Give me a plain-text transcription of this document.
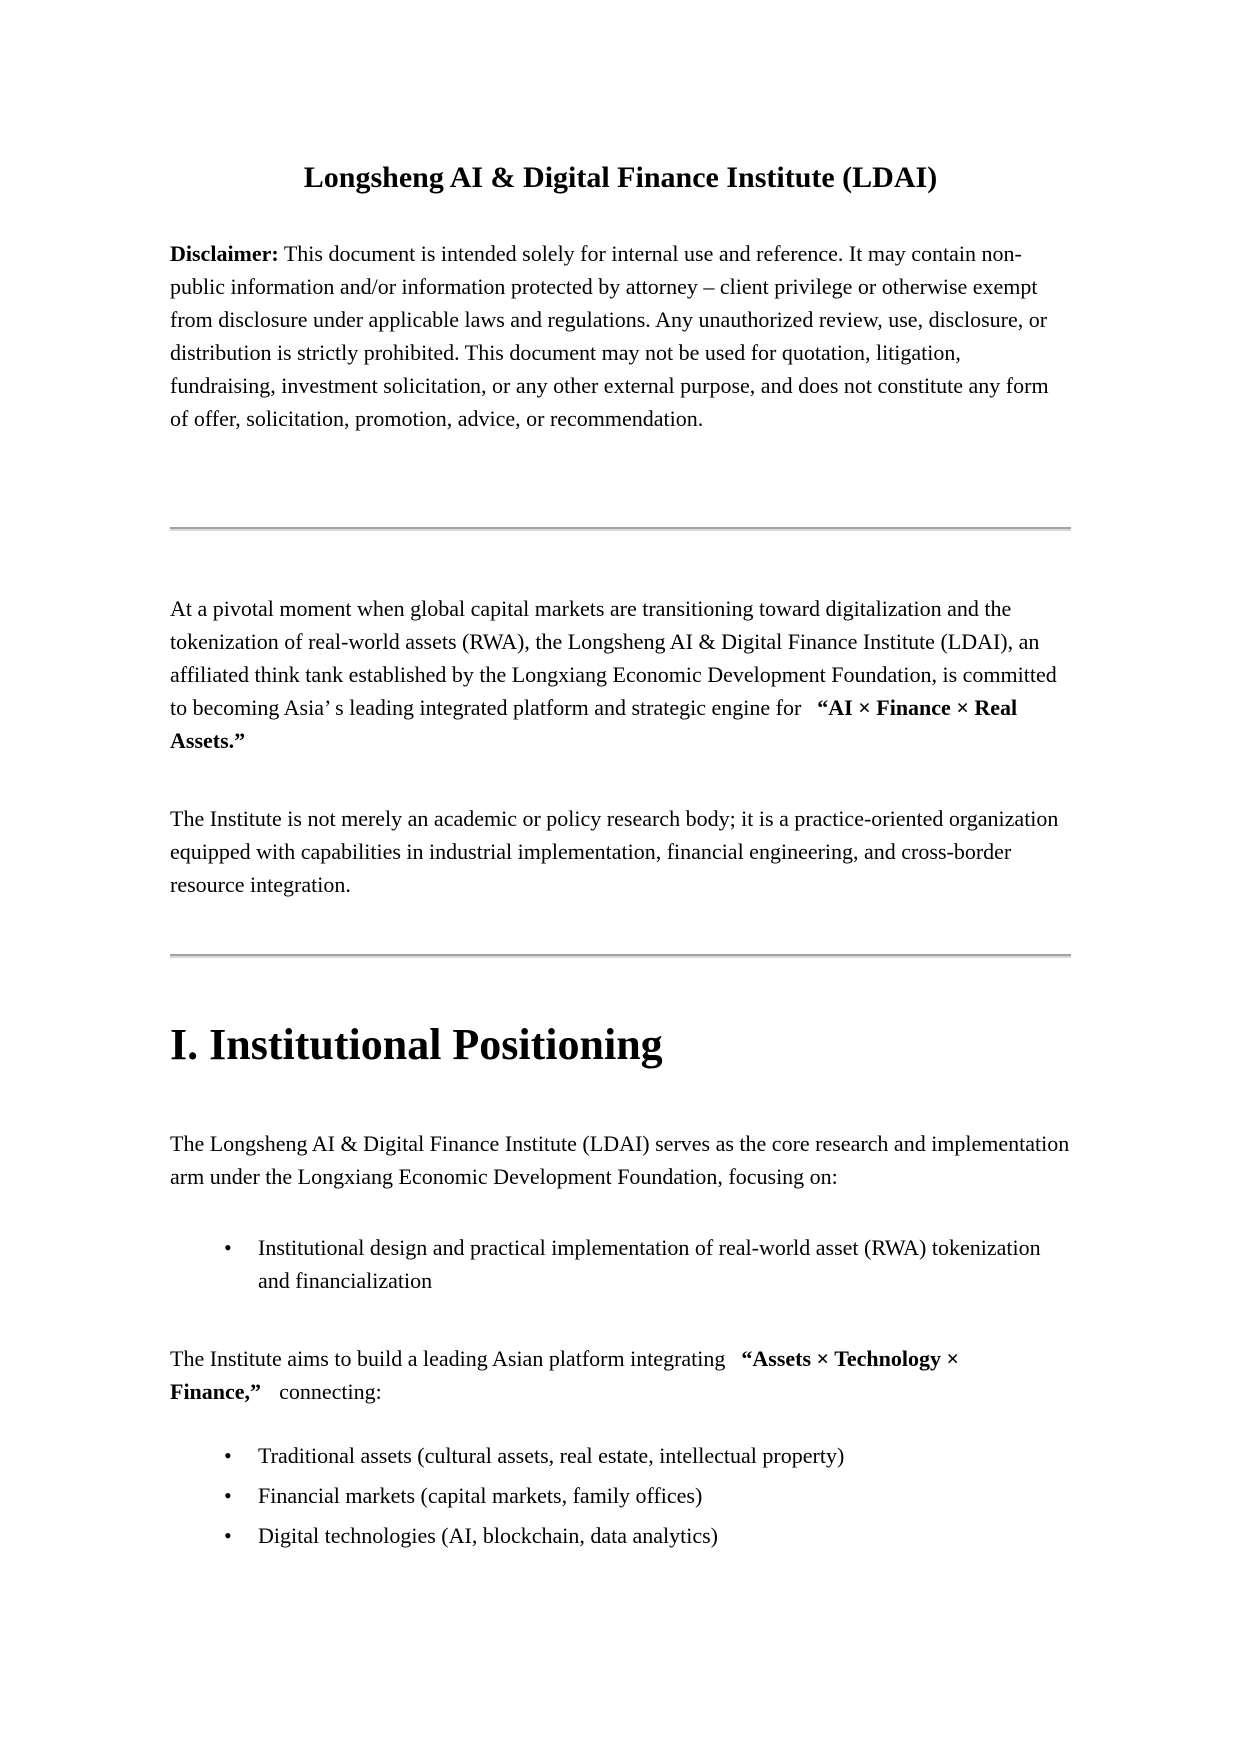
Longsheng AI & Digital Finance Institute (LDAI)

Disclaimer: This document is intended solely for internal use and reference. It may contain non-public information and/or information protected by attorney – client privilege or otherwise exempt from disclosure under applicable laws and regulations. Any unauthorized review, use, disclosure, or distribution is strictly prohibited. This document may not be used for quotation, litigation, fundraising, investment solicitation, or any other external purpose, and does not constitute any form of offer, solicitation, promotion, advice, or recommendation.

At a pivotal moment when global capital markets are transitioning toward digitalization and the tokenization of real-world assets (RWA), the Longsheng AI & Digital Finance Institute (LDAI), an affiliated think tank established by the Longxiang Economic Development Foundation, is committed to becoming Asia’ s leading integrated platform and strategic engine for “AI × Finance × Real Assets.”

The Institute is not merely an academic or policy research body; it is a practice-oriented organization equipped with capabilities in industrial implementation, financial engineering, and cross-border resource integration.

I. Institutional Positioning

The Longsheng AI & Digital Finance Institute (LDAI) serves as the core research and implementation arm under the Longxiang Economic Development Foundation, focusing on:

• Institutional design and practical implementation of real-world asset (RWA) tokenization and financialization

The Institute aims to build a leading Asian platform integrating “Assets × Technology × Finance,” connecting:

• Traditional assets (cultural assets, real estate, intellectual property)
• Financial markets (capital markets, family offices)
• Digital technologies (AI, blockchain, data analytics)
